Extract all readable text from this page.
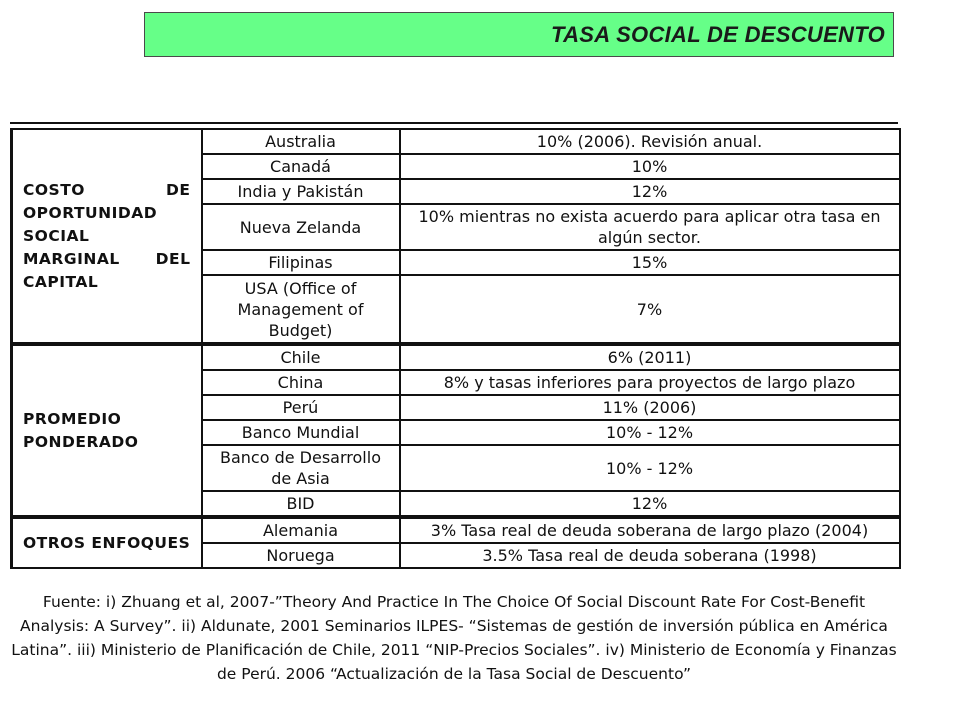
TASA SOCIAL DE DESCUENTO
COSTO DE OPORTUNIDAD SOCIAL MARGINAL DEL CAPITAL	Australia	10% (2006). Revisión anual.
	Canadá	10%
	India y Pakistán	12%
	Nueva Zelanda	10% mientras no exista acuerdo para aplicar otra tasa en algún sector.
	Filipinas	15%
	USA (Office of Management of Budget)	7%
PROMEDIO PONDERADO	Chile	6% (2011)
	China	8% y tasas inferiores para proyectos de largo plazo
	Perú	11% (2006)
	Banco Mundial	10% - 12%
	Banco de Desarrollo de Asia	10% - 12%
	BID	12%
OTROS ENFOQUES	Alemania	3% Tasa real de deuda soberana de largo plazo (2004)
	Noruega	3.5% Tasa real de deuda soberana (1998)
Fuente: i) Zhuang et al, 2007-”Theory And Practice In The Choice Of Social Discount Rate For Cost-Benefit Analysis: A Survey”. ii) Aldunate, 2001 Seminarios ILPES- “Sistemas de gestión de inversión pública en América Latina”. iii) Ministerio de Planificación de Chile, 2011 “NIP-Precios Sociales”. iv) Ministerio de Economía y Finanzas de Perú. 2006 “Actualización de la Tasa Social de Descuento”
